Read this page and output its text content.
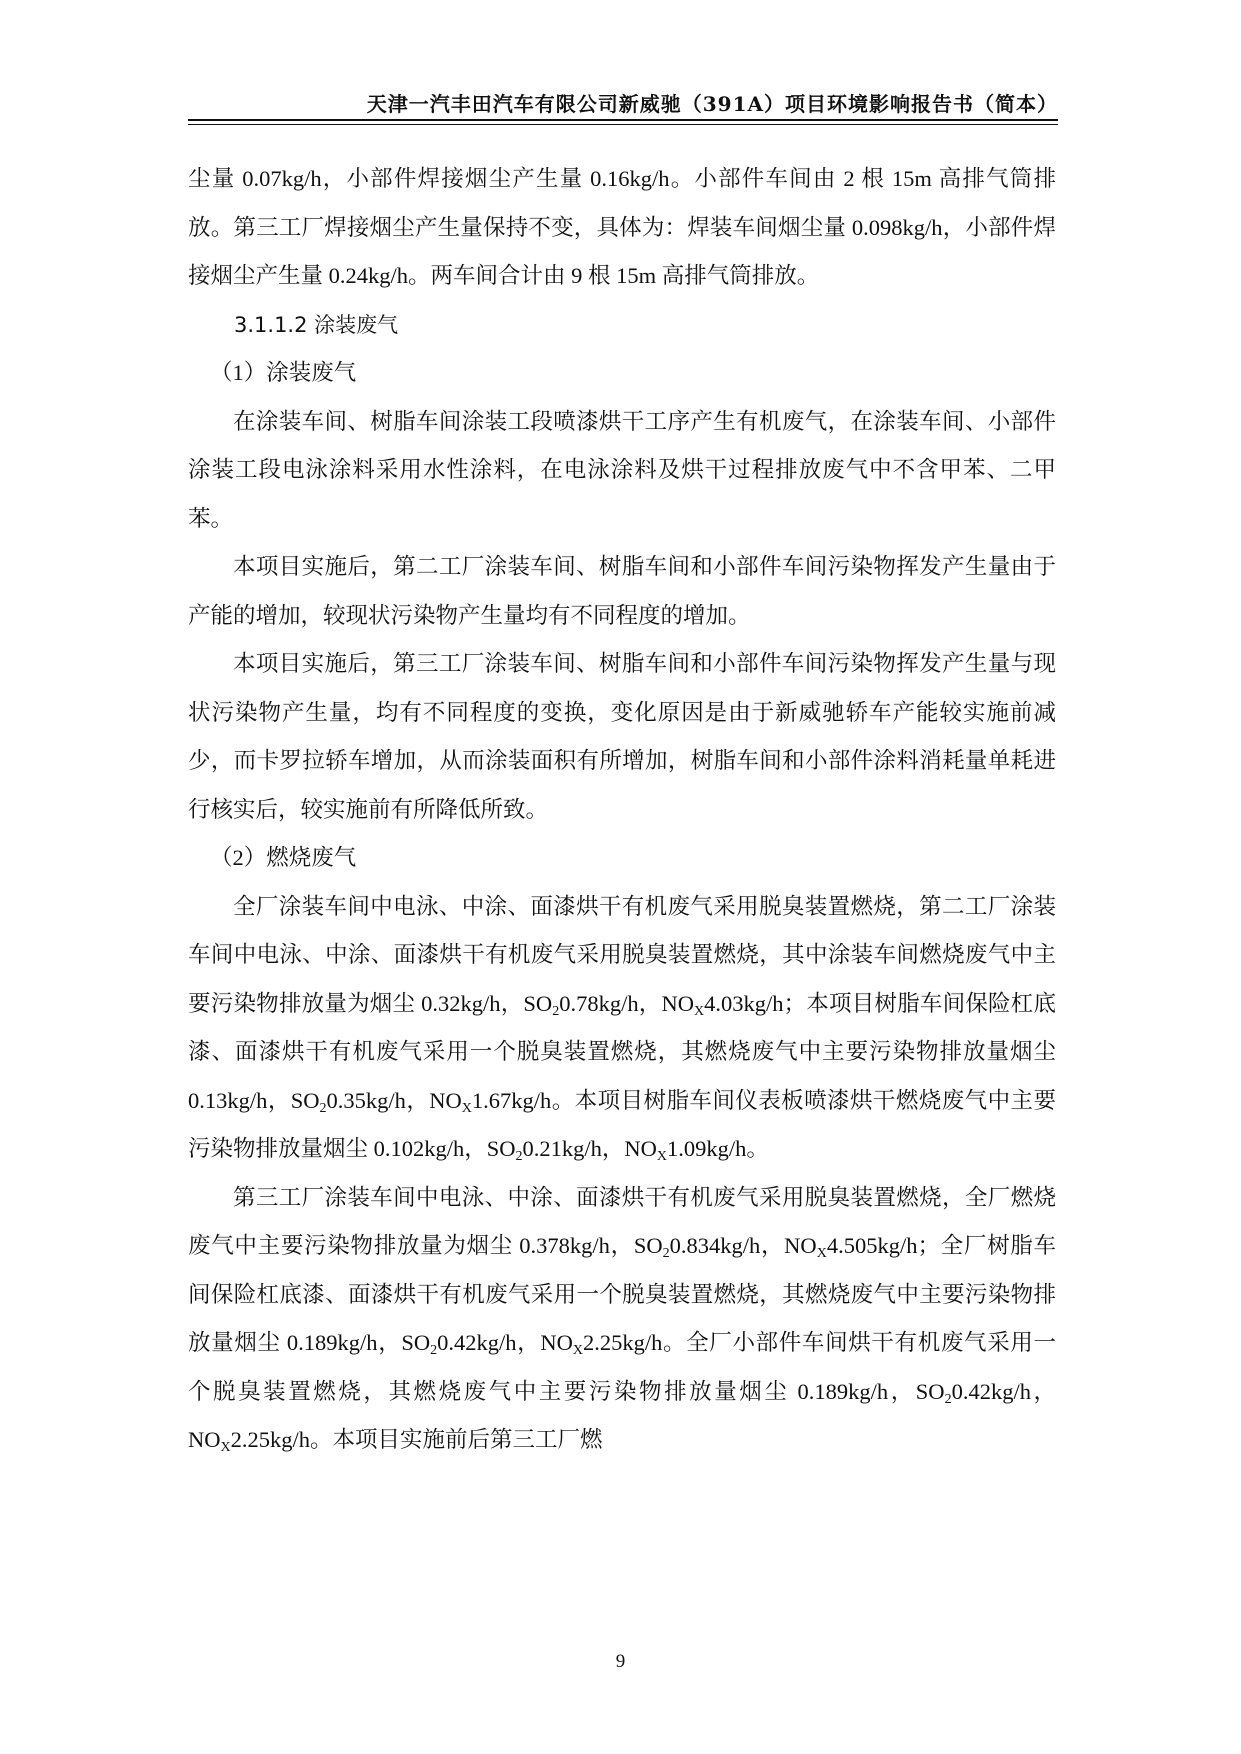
天津一汽丰田汽车有限公司新威驰（391A）项目环境影响报告书（简本）

尘量 0.07kg/h，小部件焊接烟尘产生量 0.16kg/h。小部件车间由 2 根 15m 高排气筒排放。第三工厂焊接烟尘产生量保持不变，具体为：焊装车间烟尘量 0.098kg/h，小部件焊接烟尘产生量 0.24kg/h。两车间合计由 9 根 15m 高排气筒排放。

3.1.1.2 涂装废气

（1）涂装废气

在涂装车间、树脂车间涂装工段喷漆烘干工序产生有机废气，在涂装车间、小部件涂装工段电泳涂料采用水性涂料，在电泳涂料及烘干过程排放废气中不含甲苯、二甲苯。

本项目实施后，第二工厂涂装车间、树脂车间和小部件车间污染物挥发产生量由于产能的增加，较现状污染物产生量均有不同程度的增加。

本项目实施后，第三工厂涂装车间、树脂车间和小部件车间污染物挥发产生量与现状污染物产生量，均有不同程度的变换，变化原因是由于新威驰轿车产能较实施前减少，而卡罗拉轿车增加，从而涂装面积有所增加，树脂车间和小部件涂料消耗量单耗进行核实后，较实施前有所降低所致。

（2）燃烧废气

全厂涂装车间中电泳、中涂、面漆烘干有机废气采用脱臭装置燃烧，第二工厂涂装车间中电泳、中涂、面漆烘干有机废气采用脱臭装置燃烧，其中涂装车间燃烧废气中主要污染物排放量为烟尘 0.32kg/h，$SO_20.78kg/h$，$NO_X4.03kg/h$；本项目树脂车间保险杠底漆、面漆烘干有机废气采用一个脱臭装置燃烧，其燃烧废气中主要污染物排放量烟尘 0.13kg/h，$SO_20.35kg/h$，$NO_X1.67kg/h$。本项目树脂车间仪表板喷漆烘干燃烧废气中主要污染物排放量烟尘 0.102kg/h，$SO_20.21kg/h$，$NO_X1.09kg/h$。

第三工厂涂装车间中电泳、中涂、面漆烘干有机废气采用脱臭装置燃烧，全厂燃烧废气中主要污染物排放量为烟尘 0.378kg/h，$SO_20.834kg/h$，$NO_X4.505kg/h$；全厂树脂车间保险杠底漆、面漆烘干有机废气采用一个脱臭装置燃烧，其燃烧废气中主要污染物排放量烟尘 0.189kg/h，$SO_20.42kg/h$，$NO_X2.25kg/h$。全厂小部件车间烘干有机废气采用一个脱臭装置燃烧，其燃烧废气中主要污染物排放量烟尘 0.189kg/h，$SO_20.42kg/h$，$NO_X2.25kg/h$。本项目实施前后第三工厂燃

9
